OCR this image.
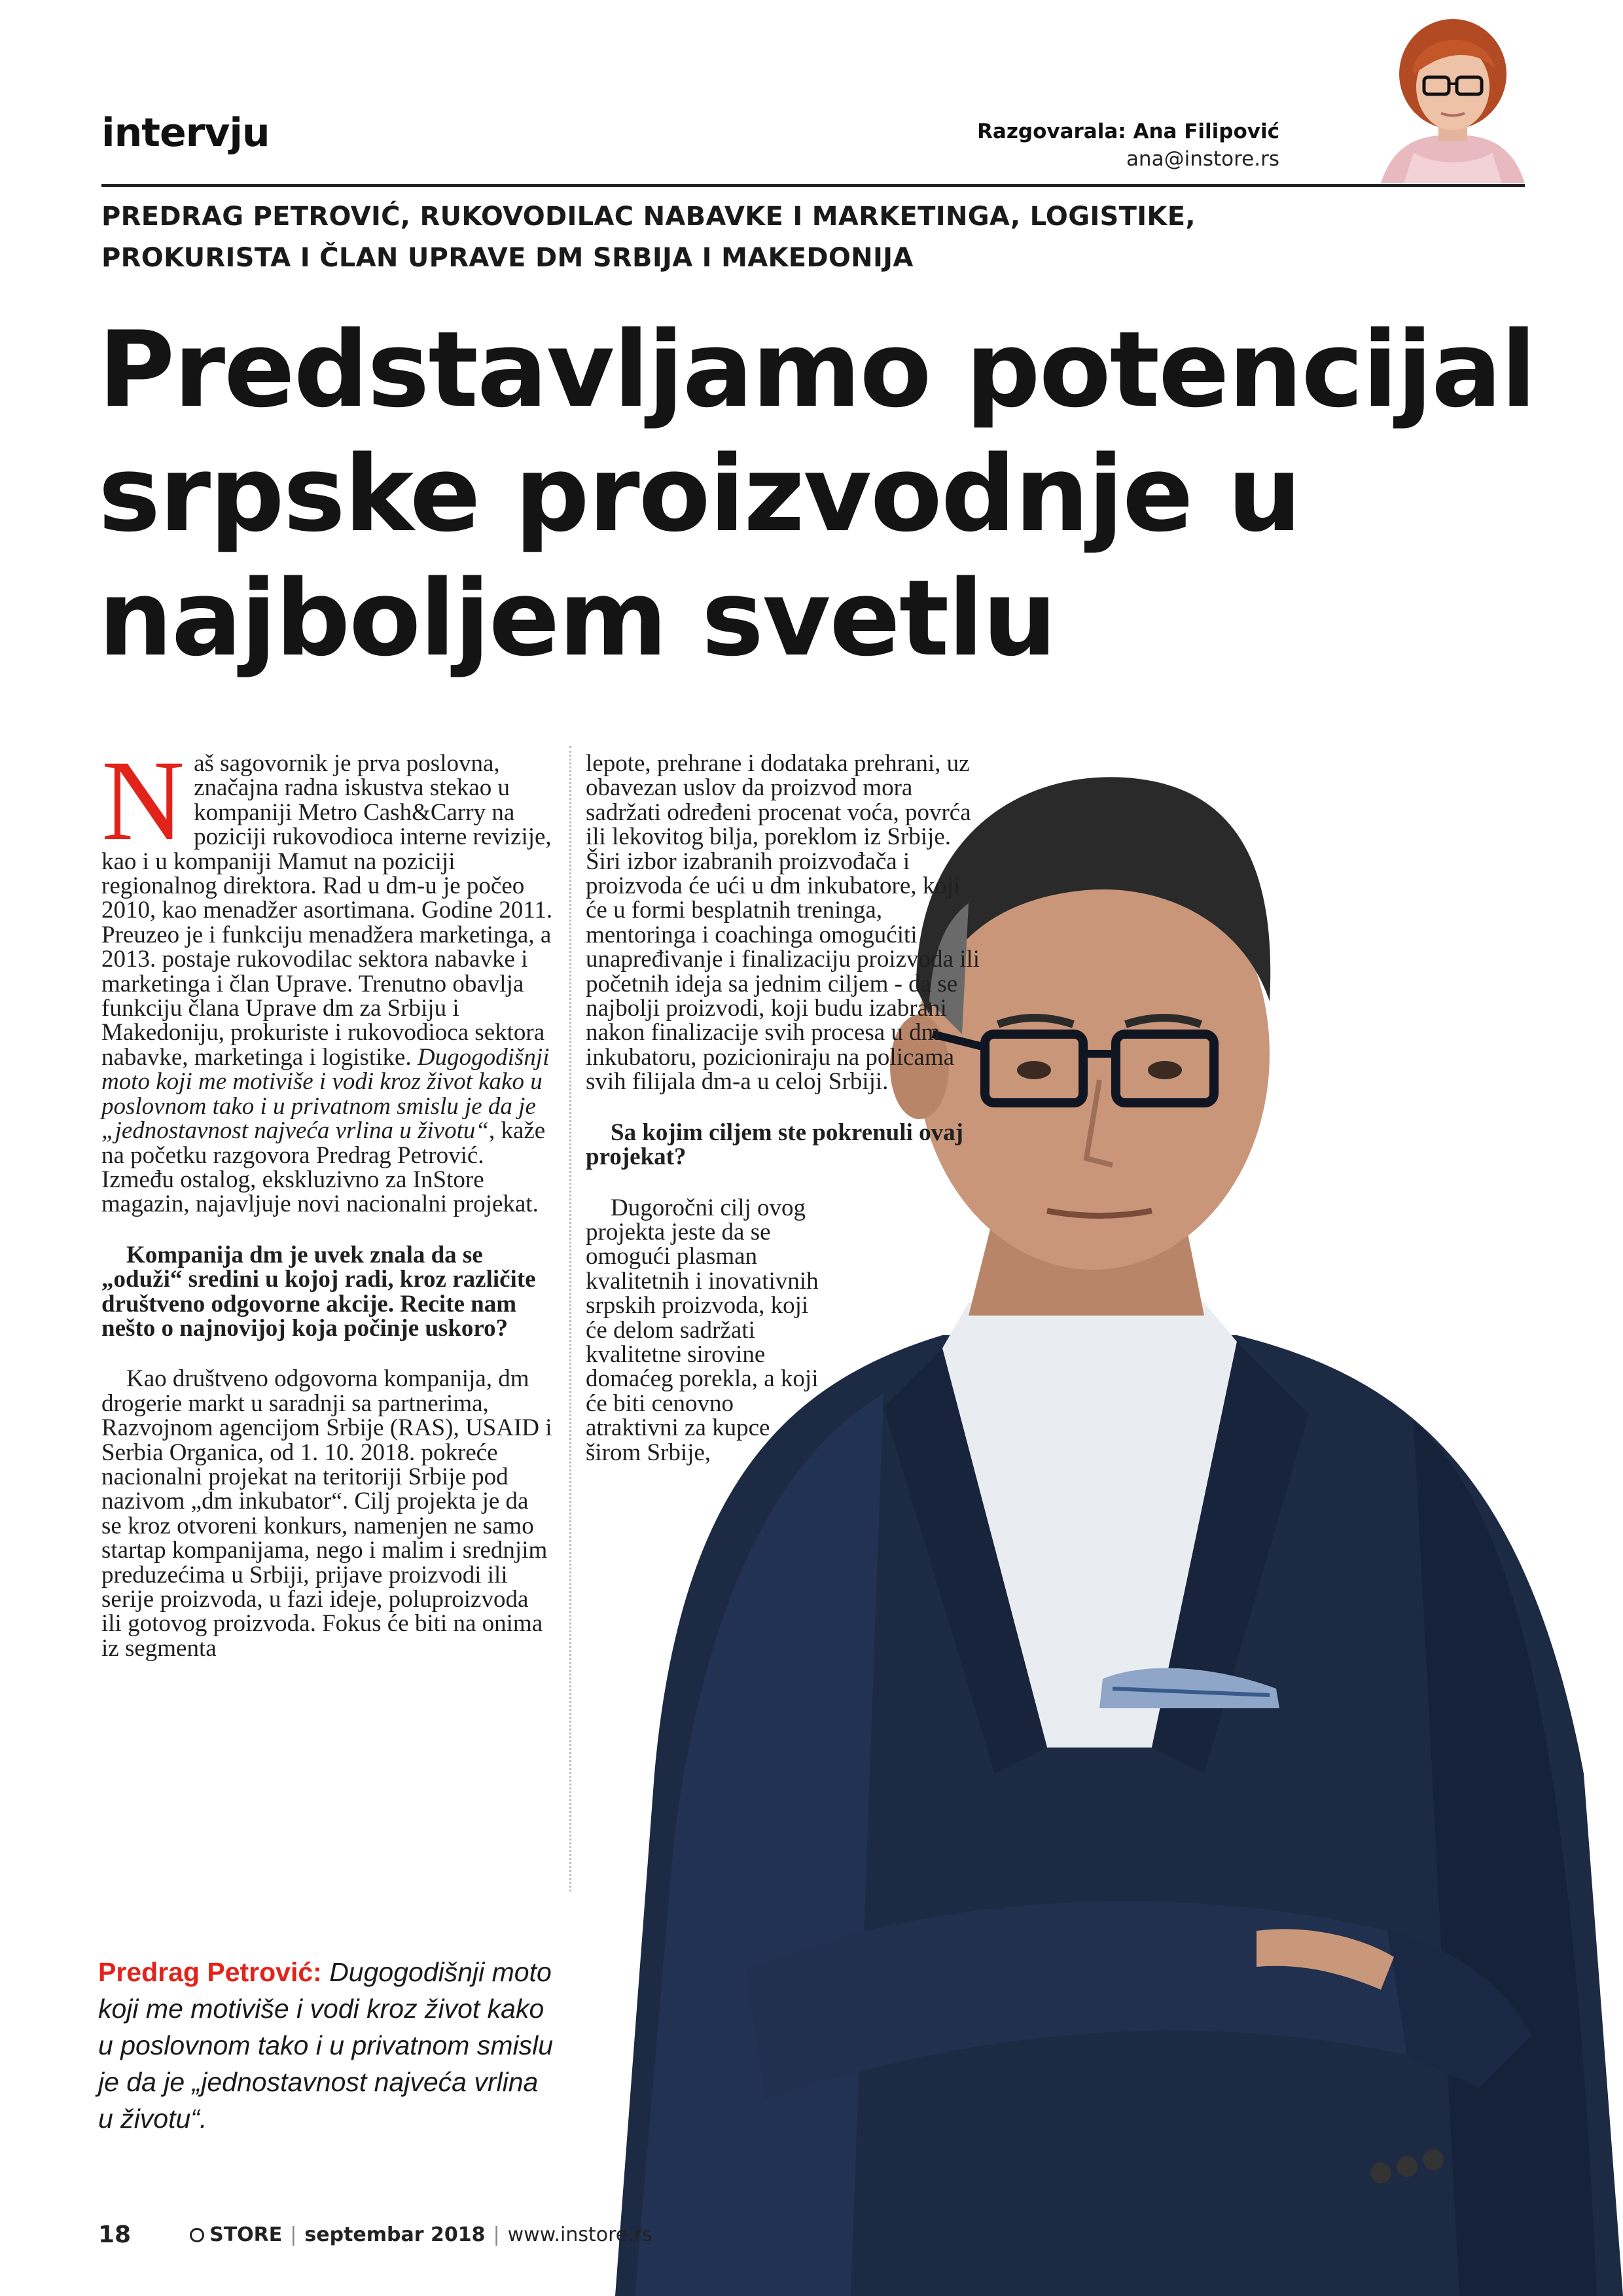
intervju	Razgovarala: Ana Filipović
ana@instore.rs
PREDRAG PETROVIĆ, RUKOVODILAC NABAVKE I MARKETINGA, LOGISTIKE,
PROKURISTA I ČLAN UPRAVE DM SRBIJA I MAKEDONIJA
Predstavljamo potencijal
srpske proizvodnje u
najboljem svetlu

Naš sagovornik je prva poslovna, značajna radna iskustva stekao u kompaniji Metro Cash&Carry na poziciji rukovodioca interne revizije, kao i u kompaniji Mamut na poziciji regionalnog direktora. Rad u dm-u je počeo 2010, kao menadžer asortimana. Godine 2011. Preuzeo je i funkciju menadžera marketinga, a 2013. postaje rukovodilac sektora nabavke i marketinga i član Uprave. Trenutno obavlja funkciju člana Uprave dm za Srbiju i Makedoniju, prokuriste i rukovodioca sektora nabavke, marketinga i logistike. Dugogodišnji moto koji me motiviše i vodi kroz život kako u poslovnom tako i u privatnom smislu je da je „jednostavnost najveća vrlina u životu“, kaže na početku razgovora Predrag Petrović. Između ostalog, ekskluzivno za InStore magazin, najavljuje novi nacionalni projekat.

Kompanija dm je uvek znala da se „oduži“ sredini u kojoj radi, kroz različite društveno odgovorne akcije. Recite nam nešto o najnovijoj koja počinje uskoro?

Kao društveno odgovorna kompanija, dm drogerie markt u saradnji sa partnerima, Razvojnom agencijom Srbije (RAS), USAID i Serbia Organica, od 1. 10. 2018. pokreće nacionalni projekat na teritoriji Srbije pod nazivom „dm inkubator“. Cilj projekta je da se kroz otvoreni konkurs, namenjen ne samo startap kompanijama, nego i malim i srednjim preduzećima u Srbiji, prijave proizvodi ili serije proizvoda, u fazi ideje, poluproizvoda ili gotovog proizvoda. Fokus će biti na onima iz segmenta

lepote, prehrane i dodataka prehrani, uz obavezan uslov da proizvod mora sadržati određeni procenat voća, povrća ili lekovitog bilja, poreklom iz Srbije. Širi izbor izabranih proizvođača i proizvoda će ući u dm inkubatore, koji će u formi besplatnih treninga, mentoringa i coachinga omogućiti unapređivanje i finalizaciju proizvoda ili početnih ideja sa jednim ciljem - da se najbolji proizvodi, koji budu izabrani nakon finalizacije svih procesa u dm inkubatoru, pozicioniraju na policama svih filijala dm-a u celoj Srbiji.

Sa kojim ciljem ste pokrenuli ovaj projekat?

Dugoročni cilj ovog projekta jeste da se omogući plasman kvalitetnih i inovativnih srpskih proizvoda, koji će delom sadržati kvalitetne sirovine domaćeg porekla, a koji će biti cenovno atraktivni za kupce širom Srbije,

Predrag Petrović: Dugogodišnji moto koji me motiviše i vodi kroz život kako u poslovnom tako i u privatnom smislu je da je „jednostavnost najveća vrlina u životu“.
18	STORE | septembar 2018 | www.instore.rs
